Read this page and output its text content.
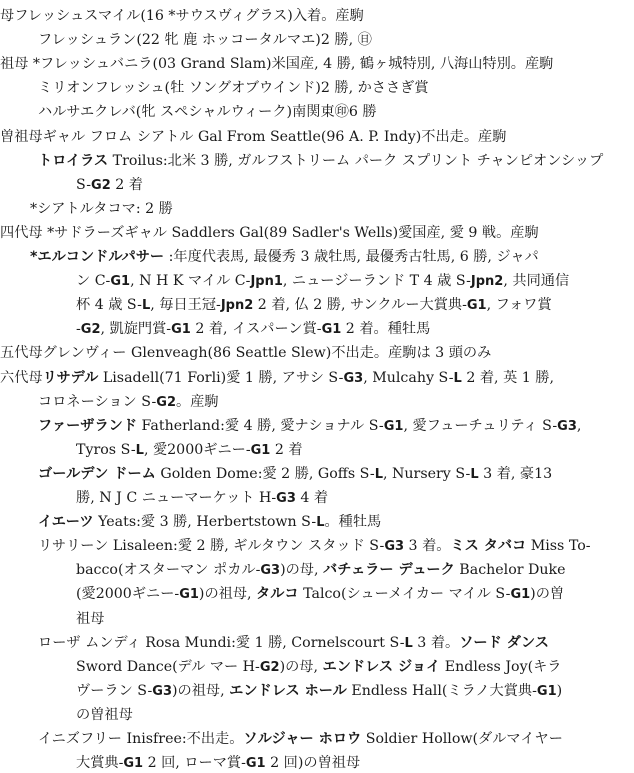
母フレッシュスマイル(16 *サウスヴィグラス)入着。産駒
フレッシュラン(22 牝 鹿 ホッコータルマエ)2 勝, ㊐
祖母 *フレッシュバニラ(03 Grand Slam)米国産, 4 勝, 鶴ヶ城特別, 八海山特別。産駒
ミリオンフレッシュ(牡 ソングオブウインド)2 勝, かささぎ賞
ハルサエクレバ(牝 スペシャルウィーク)南関東㊞6 勝
曽祖母ギャル フロム シアトル Gal From Seattle(96 A. P. Indy)不出走。産駒
トロイラス Troilus:北米 3 勝, ガルフストリーム パーク スプリント チャンピオンシップ
S-G2 2 着
*シアトルタコマ: 2 勝
四代母 *サドラーズギャル Saddlers Gal(89 Sadler's Wells)愛国産, 愛 9 戦。産駒
*エルコンドルパサー :年度代表馬, 最優秀 3 歳牡馬, 最優秀古牡馬, 6 勝, ジャパ
ン C-G1, N H K マイル C-Jpn1, ニュージーランド T 4 歳 S-Jpn2, 共同通信
杯 4 歳 S-L, 毎日王冠-Jpn2 2 着, 仏 2 勝, サンクルー大賞典-G1, フォワ賞
-G2, 凱旋門賞-G1 2 着, イスパーン賞-G1 2 着。種牡馬
五代母グレンヴィー Glenveagh(86 Seattle Slew)不出走。産駒は 3 頭のみ
六代母リサデル Lisadell(71 Forli)愛 1 勝, アサシ S-G3, Mulcahy S-L 2 着, 英 1 勝,
コロネーション S-G2。産駒
ファーザランド Fatherland:愛 4 勝, 愛ナショナル S-G1, 愛フューチュリティ S-G3,
Tyros S-L, 愛2000ギニー-G1 2 着
ゴールデン ドーム Golden Dome:愛 2 勝, Goffs S-L, Nursery S-L 3 着, 豪13
勝, N J C ニューマーケット H-G3 4 着
イエーツ Yeats:愛 3 勝, Herbertstown S-L。種牡馬
リサリーン Lisaleen:愛 2 勝, ギルタウン スタッド S-G3 3 着。ミス タバコ Miss To-
bacco(オスターマン ポカル-G3)の母, バチェラー デューク Bachelor Duke
(愛2000ギニー-G1)の祖母, タルコ Talco(シューメイカー マイル S-G1)の曽
祖母
ローザ ムンディ Rosa Mundi:愛 1 勝, Cornelscourt S-L 3 着。ソード ダンス
Sword Dance(デル マー H-G2)の母, エンドレス ジョイ Endless Joy(キラ
ヴーラン S-G3)の祖母, エンドレス ホール Endless Hall(ミラノ大賞典-G1)
の曽祖母
イニズフリー Inisfree:不出走。ソルジャー ホロウ Soldier Hollow(ダルマイヤー
大賞典-G1 2 回, ローマ賞-G1 2 回)の曽祖母
